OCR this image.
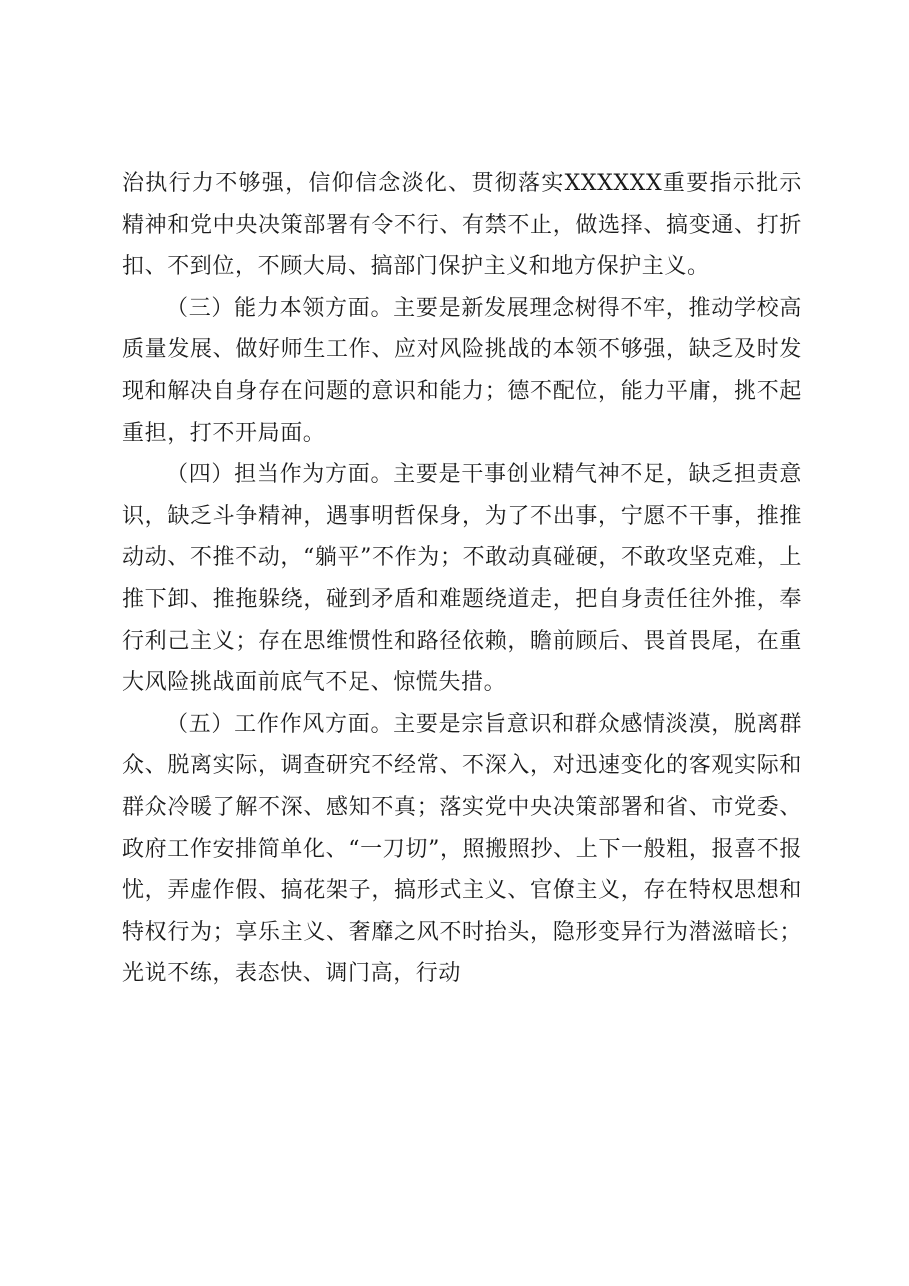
治执行力不够强，信仰信念淡化、贯彻落实XXXXXX重要指示批示精神和党中央决策部署有令不行、有禁不止，做选择、搞变通、打折扣、不到位，不顾大局、搞部门保护主义和地方保护主义。

（三）能力本领方面。主要是新发展理念树得不牢，推动学校高质量发展、做好师生工作、应对风险挑战的本领不够强，缺乏及时发现和解决自身存在问题的意识和能力；德不配位，能力平庸，挑不起重担，打不开局面。

（四）担当作为方面。主要是干事创业精气神不足，缺乏担责意识，缺乏斗争精神，遇事明哲保身，为了不出事，宁愿不干事，推推动动、不推不动，“躺平”不作为；不敢动真碰硬，不敢攻坚克难，上推下卸、推拖躲绕，碰到矛盾和难题绕道走，把自身责任往外推，奉行利己主义；存在思维惯性和路径依赖，瞻前顾后、畏首畏尾，在重大风险挑战面前底气不足、惊慌失措。

（五）工作作风方面。主要是宗旨意识和群众感情淡漠，脱离群众、脱离实际，调查研究不经常、不深入，对迅速变化的客观实际和群众冷暖了解不深、感知不真；落实党中央决策部署和省、市党委、政府工作安排简单化、“一刀切”，照搬照抄、上下一般粗，报喜不报忧，弄虚作假、搞花架子，搞形式主义、官僚主义，存在特权思想和特权行为；享乐主义、奢靡之风不时抬头，隐形变异行为潜滋暗长；光说不练，表态快、调门高，行动
